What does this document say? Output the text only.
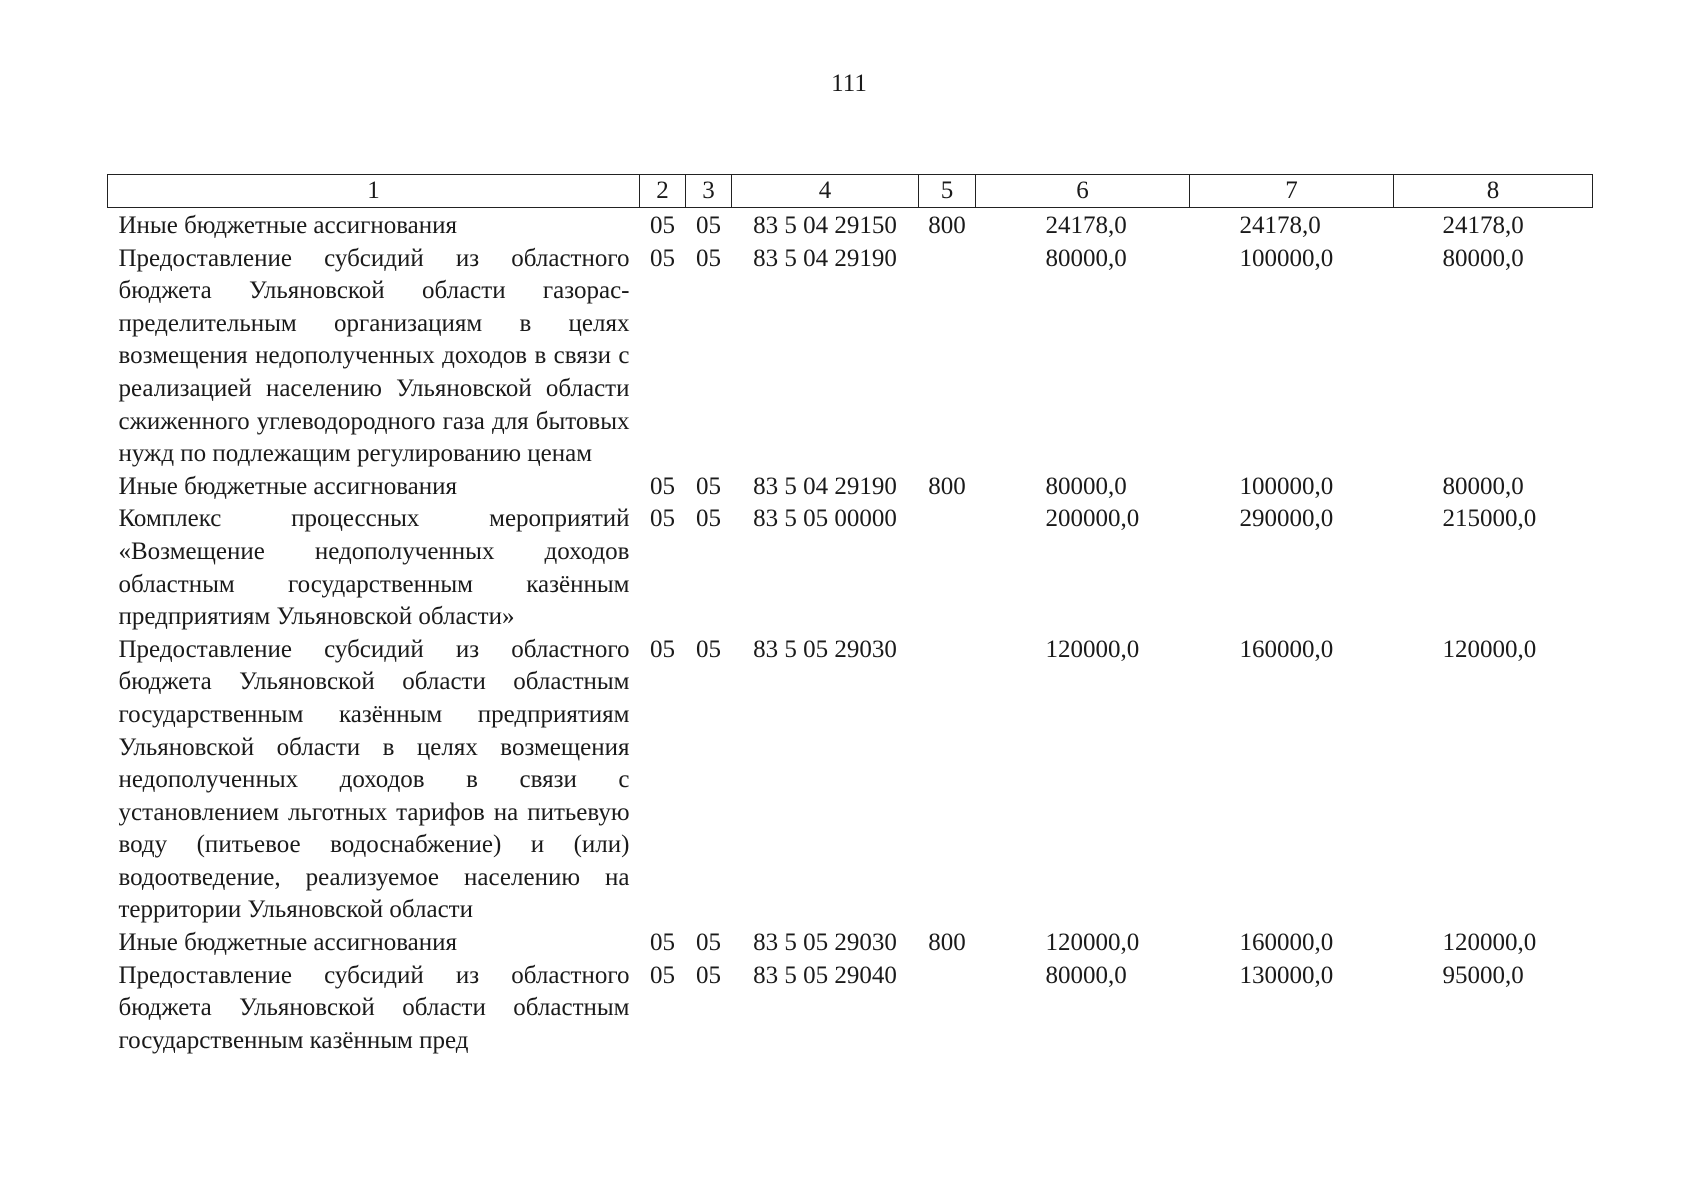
111
1	2	3	4	5	6	7	8
Иные бюджетные ассигнования	05	05	83 5 04 29150	800	24178,0	24178,0	24178,0
Предоставление субсидий из областного бюджета Ульяновской области газораспределительным организациям в целях возмещения недополученных доходов в связи с реализацией населению Ульяновской области сжиженного углеводородного газа для бытовых нужд по подлежащим регулированию ценам	05	05	83 5 04 29190		80000,0	100000,0	80000,0
Иные бюджетные ассигнования	05	05	83 5 04 29190	800	80000,0	100000,0	80000,0
Комплекс процессных мероприятий «Возмещение недополученных доходов областным государственным казённым предприятиям Ульяновской области»	05	05	83 5 05 00000		200000,0	290000,0	215000,0
Предоставление субсидий из областного бюджета Ульяновской области областным государственным казённым предприятиям Ульяновской области в целях возмещения недополученных доходов в связи с установлением льготных тарифов на питьевую воду (питьевое водоснабжение) и (или) водоотведение, реализуемое населению на территории Ульяновской области	05	05	83 5 05 29030		120000,0	160000,0	120000,0
Иные бюджетные ассигнования	05	05	83 5 05 29030	800	120000,0	160000,0	120000,0
Предоставление субсидий из областного бюджета Ульяновской области областным государственным казённым пред	05	05	83 5 05 29040		80000,0	130000,0	95000,0
